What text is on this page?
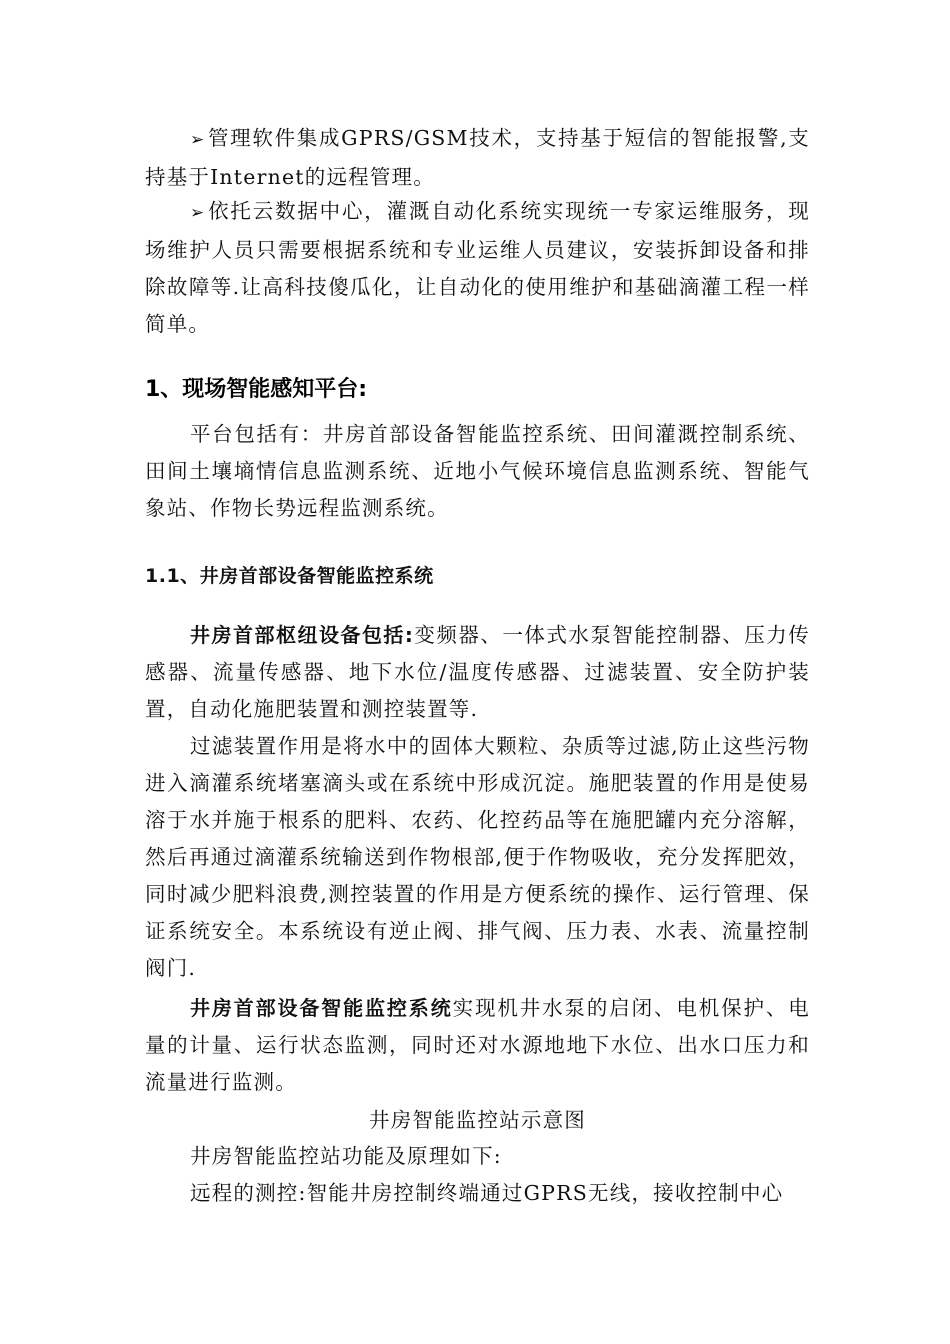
➢管理软件集成GPRS/GSM技术，支持基于短信的智能报警,支持基于Internet的远程管理。

➢依托云数据中心，灌溉自动化系统实现统一专家运维服务，现场维护人员只需要根据系统和专业运维人员建议，安装拆卸设备和排除故障等.让高科技傻瓜化，让自动化的使用维护和基础滴灌工程一样简单。

1、现场智能感知平台:

平台包括有：井房首部设备智能监控系统、田间灌溉控制系统、田间土壤墒情信息监测系统、近地小气候环境信息监测系统、智能气象站、作物长势远程监测系统。

1.1、井房首部设备智能监控系统

井房首部枢纽设备包括:变频器、一体式水泵智能控制器、压力传感器、流量传感器、地下水位/温度传感器、过滤装置、安全防护装置，自动化施肥装置和测控装置等.

过滤装置作用是将水中的固体大颗粒、杂质等过滤,防止这些污物进入滴灌系统堵塞滴头或在系统中形成沉淀。施肥装置的作用是使易溶于水并施于根系的肥料、农药、化控药品等在施肥罐内充分溶解，然后再通过滴灌系统输送到作物根部,便于作物吸收，充分发挥肥效，同时减少肥料浪费,测控装置的作用是方便系统的操作、运行管理、保证系统安全。本系统设有逆止阀、排气阀、压力表、水表、流量控制阀门.

井房首部设备智能监控系统实现机井水泵的启闭、电机保护、电量的计量、运行状态监测，同时还对水源地地下水位、出水口压力和流量进行监测。

井房智能监控站示意图

井房智能监控站功能及原理如下:

远程的测控:智能井房控制终端通过GPRS无线，接收控制中心
